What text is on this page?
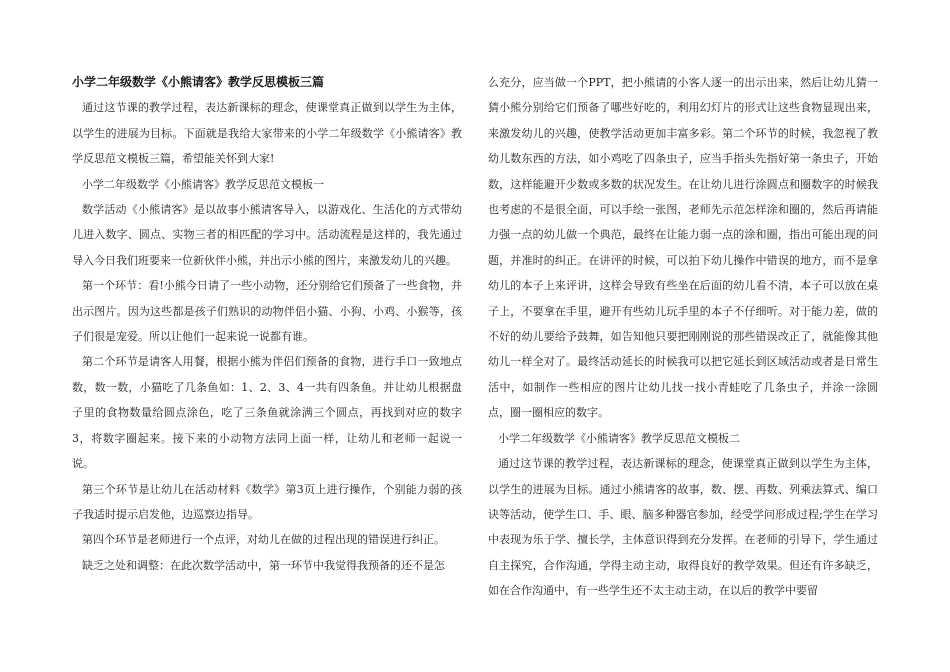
小学二年级数学《小熊请客》教学反思模板三篇

通过这节课的教学过程，表达新课标的理念，使课堂真正做到以学生为主体，以学生的进展为目标。下面就是我给大家带来的小学二年级数学《小熊请客》教学反思范文模板三篇，希望能关怀到大家!

小学二年级数学《小熊请客》教学反思范文模板一

数学活动《小熊请客》是以故事小熊请客导入，以游戏化、生活化的方式带幼儿进入数字、圆点、实物三者的相匹配的学习中。活动流程是这样的，我先通过导入今日我们班要来一位新伙伴小熊，并出示小熊的图片，来激发幼儿的兴趣。

第一个环节：看!小熊今日请了一些小动物，还分别给它们预备了一些食物，并出示图片。因为这些都是孩子们熟识的动物伴侣小猫、小狗、小鸡、小猴等，孩子们很是宠爱。所以让他们一起来说一说都有谁。

第二个环节是请客人用餐，根据小熊为伴侣们预备的食物，进行手口一致地点数，数一数，小猫吃了几条鱼如：1、2、3、4一共有四条鱼。并让幼儿根据盘子里的食物数量给圆点涂色，吃了三条鱼就涂满三个圆点，再找到对应的数字3，将数字圈起来。接下来的小动物方法同上面一样，让幼儿和老师一起说一说。

第三个环节是让幼儿在活动材料《数学》第3页上进行操作，个别能力弱的孩子我适时提示启发他，边巡察边指导。

第四个环节是老师进行一个点评，对幼儿在做的过程出现的错误进行纠正。

缺乏之处和调整：在此次数学活动中，第一环节中我觉得我预备的还不是怎

么充分，应当做一个PPT，把小熊请的小客人逐一的出示出来，然后让幼儿猜一猜小熊分别给它们预备了哪些好吃的，利用幻灯片的形式让这些食物显现出来，来激发幼儿的兴趣，使教学活动更加丰富多彩。第二个环节的时候，我忽视了教幼儿数东西的方法，如小鸡吃了四条虫子，应当手指头先指好第一条虫子，开始数，这样能避开少数或多数的状况发生。在让幼儿进行涂圆点和圈数字的时候我也考虑的不是很全面，可以手绘一张图，老师先示范怎样涂和圈的，然后再请能力强一点的幼儿做一个典范，最终在让能力弱一点的涂和圈，指出可能出现的问题，并准时的纠正。在讲评的时候，可以拍下幼儿操作中错误的地方，而不是拿幼儿的本子上来评讲，这样会导致有些坐在后面的幼儿看不清，本子可以放在桌子上，不要拿在手里，避开有些幼儿玩手里的本子不仔细听。对于能力差，做的不好的幼儿要给予鼓舞，如告知他只要把刚刚说的那些错误改正了，就能像其他幼儿一样全对了。最终活动延长的时候我可以把它延长到区域活动或者是日常生活中，如制作一些相应的图片让幼儿找一找小青蛙吃了几条虫子，并涂一涂圆点，圈一圈相应的数字。

小学二年级数学《小熊请客》教学反思范文模板二

通过这节课的教学过程，表达新课标的理念，使课堂真正做到以学生为主体，以学生的进展为目标。通过小熊请客的故事，数、摆、再数、列乘法算式、编口诀等活动，使学生口、手、眼、脑多种器官参加，经受学问形成过程;学生在学习中表现为乐于学、擅长学，主体意识得到充分发挥。在老师的引导下，学生通过自主探究，合作沟通，学得主动主动，取得良好的教学效果。但还有许多缺乏，如在合作沟通中，有一些学生还不太主动主动，在以后的教学中要留
